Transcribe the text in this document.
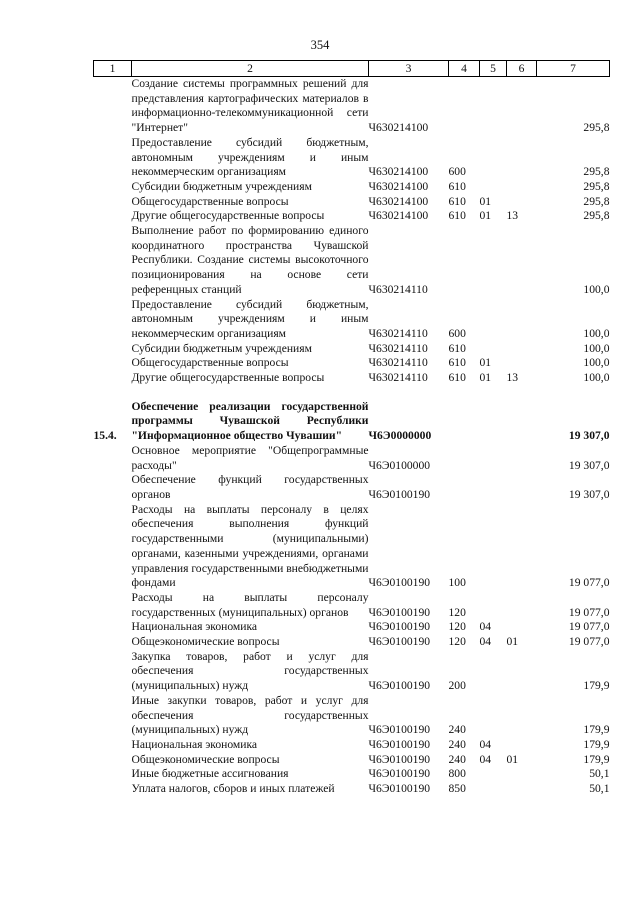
354
1	2	3	4	5	6	7
	Создание системы программных решений для представления картографических материалов в информационно-телекоммуникационной сети "Интернет"	Ч630214100				295,8
	Предоставление субсидий бюджетным, автономным учреждениям и иным некоммерческим организациям	Ч630214100	600			295,8
	Субсидии бюджетным учреждениям	Ч630214100	610			295,8
	Общегосударственные вопросы	Ч630214100	610	01		295,8
	Другие общегосударственные вопросы	Ч630214100	610	01	13	295,8
	Выполнение работ по формированию единого координатного пространства Чувашской Республики. Создание системы высокоточного позиционирования на основе сети референцных станций	Ч630214110				100,0
	Предоставление субсидий бюджетным, автономным учреждениям и иным некоммерческим организациям	Ч630214110	600			100,0
	Субсидии бюджетным учреждениям	Ч630214110	610			100,0
	Общегосударственные вопросы	Ч630214110	610	01		100,0
	Другие общегосударственные вопросы	Ч630214110	610	01	13	100,0
15.4.	Обеспечение реализации государственной программы Чувашской Республики "Информационное общество Чувашии"	Ч6Э0000000				19 307,0
	Основное мероприятие "Общепрограммные расходы"	Ч6Э0100000				19 307,0
	Обеспечение функций государственных органов	Ч6Э0100190				19 307,0
	Расходы на выплаты персоналу в целях обеспечения выполнения функций государственными (муниципальными) органами, казенными учреждениями, органами управления государственными внебюджетными фондами	Ч6Э0100190	100			19 077,0
	Расходы на выплаты персоналу государственных (муниципальных) органов	Ч6Э0100190	120			19 077,0
	Национальная экономика	Ч6Э0100190	120	04		19 077,0
	Общеэкономические вопросы	Ч6Э0100190	120	04	01	19 077,0
	Закупка товаров, работ и услуг для обеспечения государственных (муниципальных) нужд	Ч6Э0100190	200			179,9
	Иные закупки товаров, работ и услуг для обеспечения государственных (муниципальных) нужд	Ч6Э0100190	240			179,9
	Национальная экономика	Ч6Э0100190	240	04		179,9
	Общеэкономические вопросы	Ч6Э0100190	240	04	01	179,9
	Иные бюджетные ассигнования	Ч6Э0100190	800			50,1
	Уплата налогов, сборов и иных платежей	Ч6Э0100190	850			50,1
